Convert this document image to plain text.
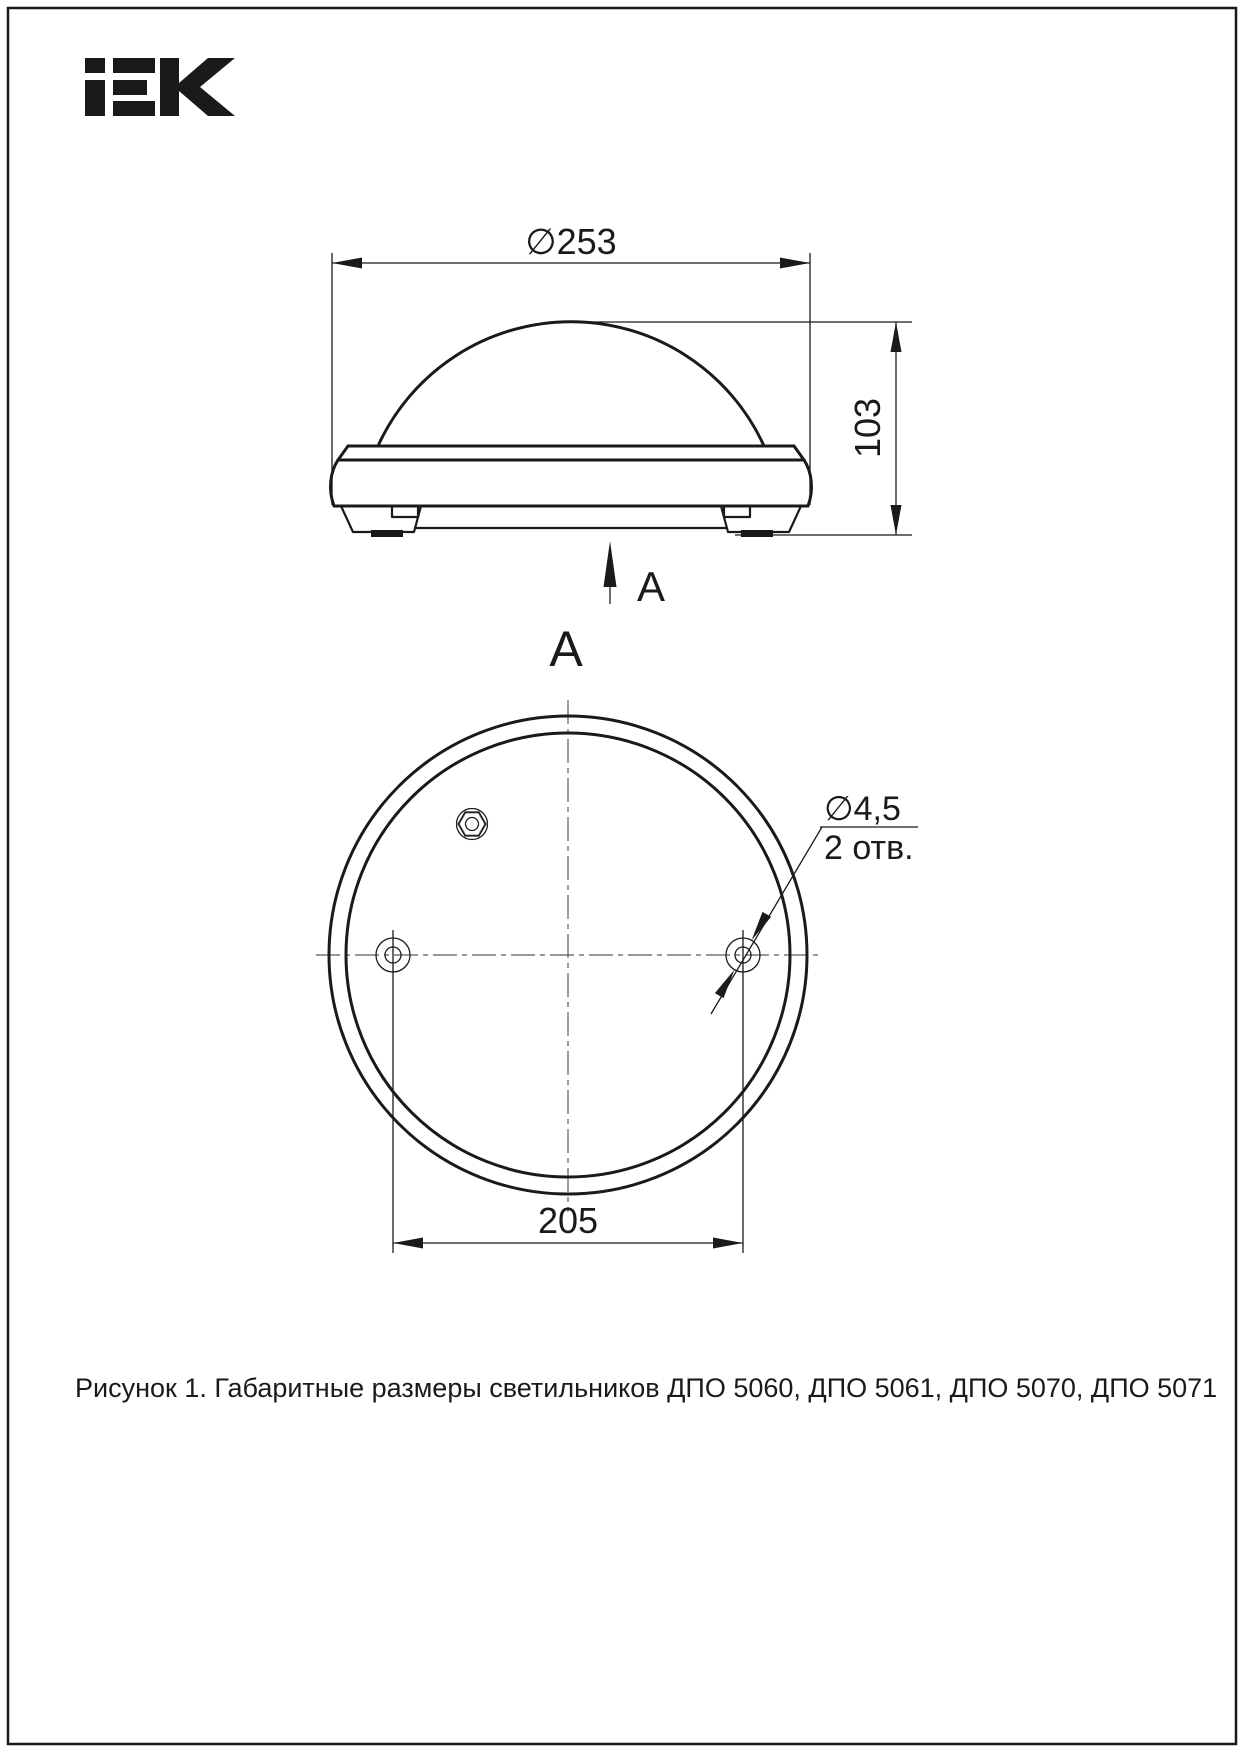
∅253
103
A
A
∅4,5
2 отв.
205
Рисунок 1. Габаритные размеры светильников ДПО 5060, ДПО 5061, ДПО 5070, ДПО 5071
